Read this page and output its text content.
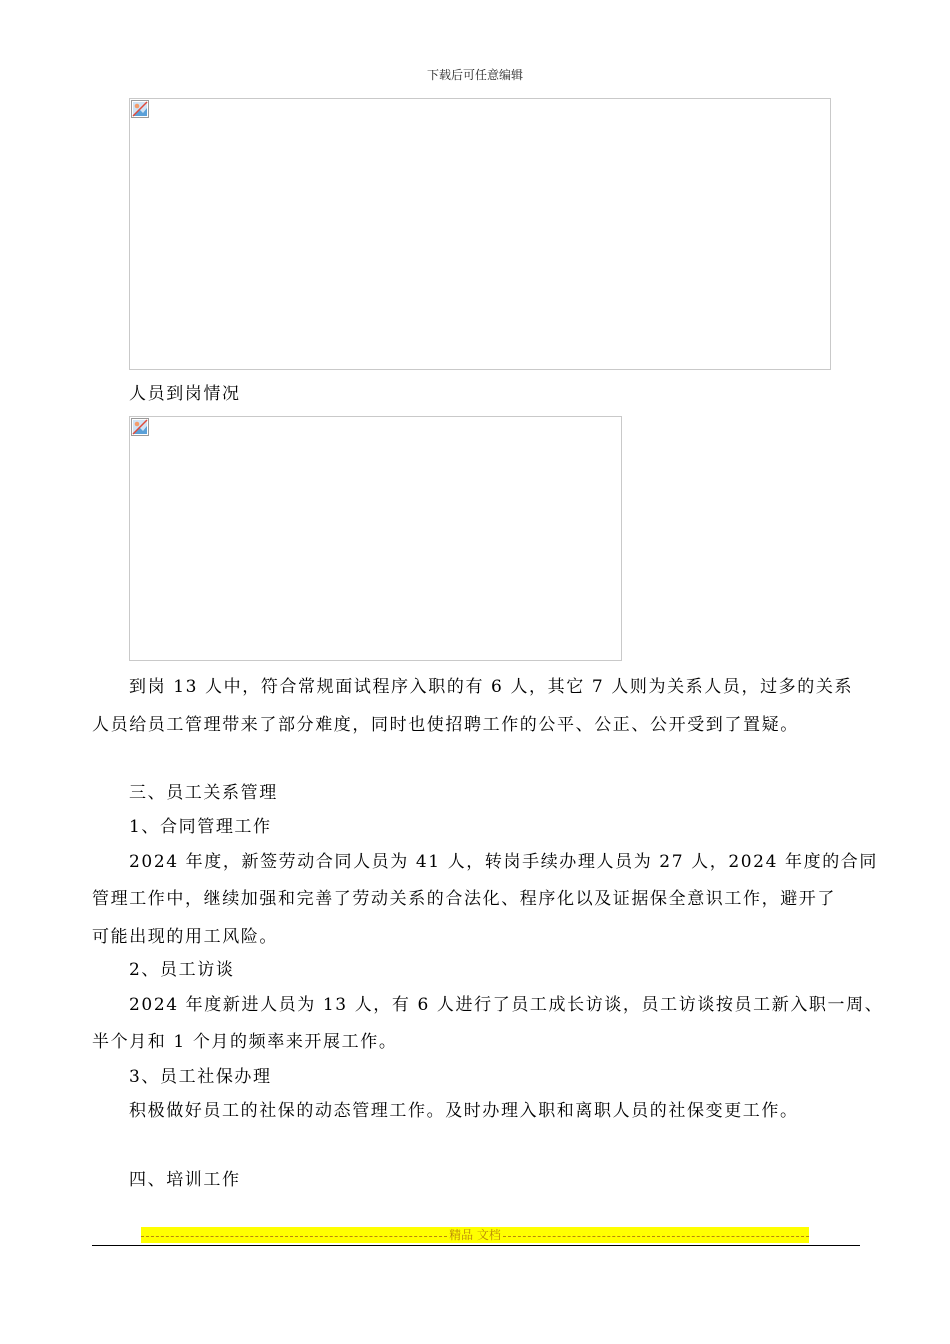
下载后可任意编辑
人员到岗情况
到岗 13 人中，符合常规面试程序入职的有 6 人，其它 7 人则为关系人员，过多的关系
人员给员工管理带来了部分难度，同时也使招聘工作的公平、公正、公开受到了置疑。
三、员工关系管理
1、合同管理工作
2024 年度，新签劳动合同人员为 41 人，转岗手续办理人员为 27 人，2024 年度的合同
管理工作中，继续加强和完善了劳动关系的合法化、程序化以及证据保全意识工作，避开了
可能出现的用工风险。
2、员工访谈
2024 年度新进人员为 13 人，有 6 人进行了员工成长访谈，员工访谈按员工新入职一周、
半个月和 1 个月的频率来开展工作。
3、员工社保办理
积极做好员工的社保的动态管理工作。及时办理入职和离职人员的社保变更工作。
四、培训工作
精品 文档
